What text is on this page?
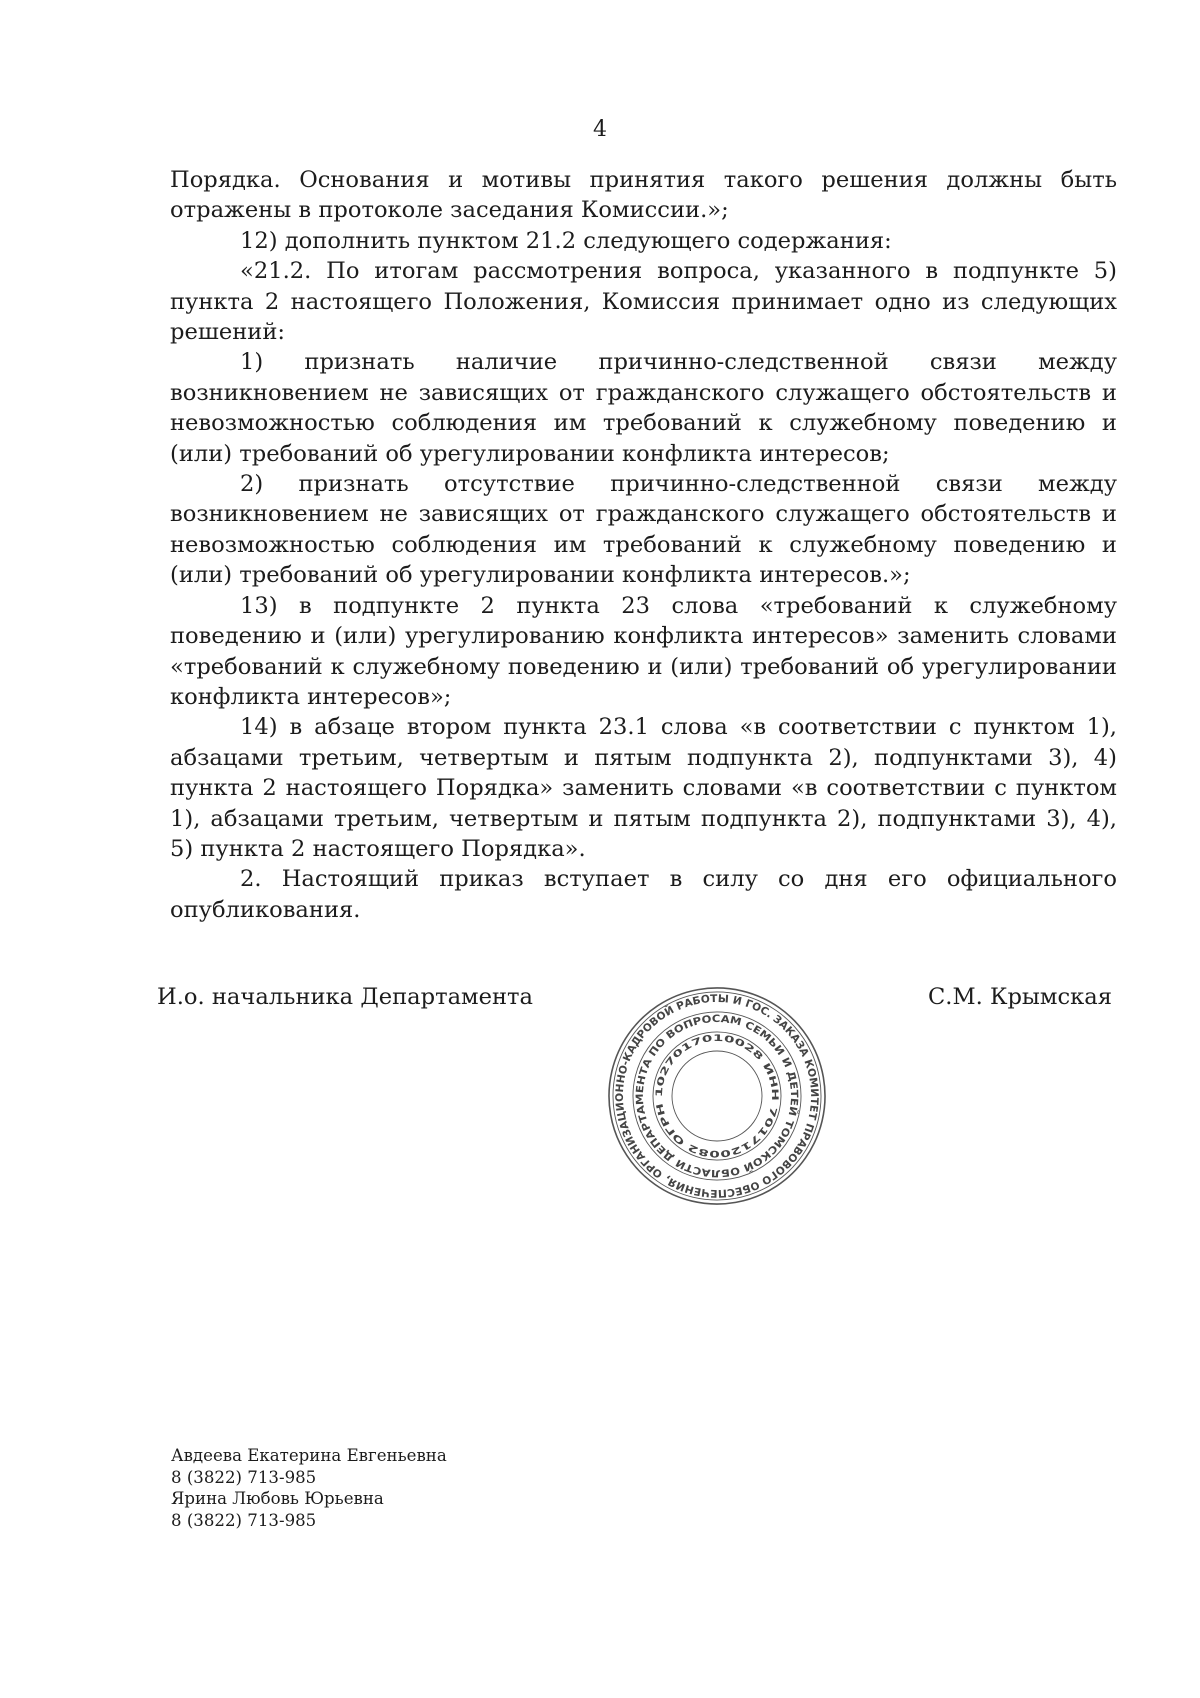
4

Порядка. Основания и мотивы принятия такого решения должны быть отражены в протоколе заседания Комиссии.»;

12) дополнить пунктом 21.2 следующего содержания:

«21.2. По итогам рассмотрения вопроса, указанного в подпункте 5) пункта 2 настоящего Положения, Комиссия принимает одно из следующих решений:

1) признать наличие причинно-следственной связи между возникновением не зависящих от гражданского служащего обстоятельств и невозможностью соблюдения им требований к служебному поведению и (или) требований об урегулировании конфликта интересов;

2) признать отсутствие причинно-следственной связи между возникновением не зависящих от гражданского служащего обстоятельств и невозможностью соблюдения им требований к служебному поведению и (или) требований об урегулировании конфликта интересов.»;

13) в подпункте 2 пункта 23 слова «требований к служебному поведению и (или) урегулированию конфликта интересов» заменить словами «требований к служебному поведению и (или) требований об урегулировании конфликта интересов»;

14) в абзаце втором пункта 23.1 слова «в соответствии с пунктом 1), абзацами третьим, четвертым и пятым подпункта 2), подпунктами 3), 4) пункта 2 настоящего Порядка» заменить словами «в соответствии с пунктом 1), абзацами третьим, четвертым и пятым подпункта 2), подпунктами 3), 4), 5) пункта 2 настоящего Порядка».

2. Настоящий приказ вступает в силу со дня его официального опубликования.

И.о. начальника Департамента	С.М. Крымская
ОРГАНИЗАЦИОННО-КАДРОВОЙ РАБОТЫ И ГОС. ЗАКАЗА КОМИТЕТ ПРАВОВОГО ОБЕСПЕЧЕНИЯ,
ДЕПАРТАМЕНТА ПО ВОПРОСАМ СЕМЬИ И ДЕТЕЙ ТОМСКОЙ ОБЛАСТИ
ОГРН 1027017010028 ИНН 7017120082
Авдеева Екатерина Евгеньевна
8 (3822) 713-985
Ярина Любовь Юрьевна
8 (3822) 713-985
